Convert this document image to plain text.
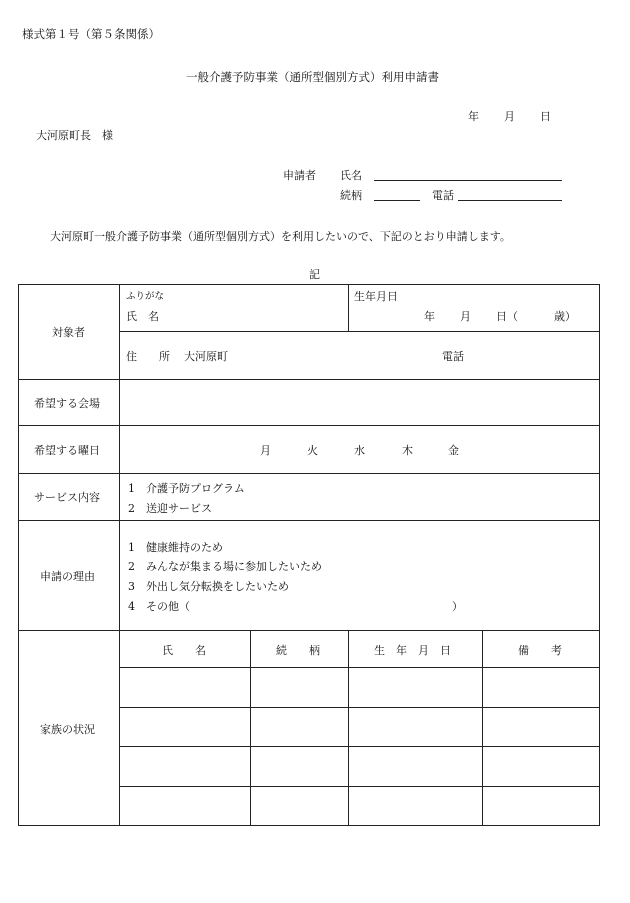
様式第１号（第５条関係）
一般介護予防事業（通所型個別方式）利用申請書
年 月 日
大河原町長　様
申請者 氏名
続柄	電話
大河原町一般介護予防事業（通所型個別方式）を利用したいので、下記のとおり申請します。
記
対象者
ふりがな
氏　名
生年月日
年 月 日（	歳）
住　　所 大河原町	電話
希望する会場
希望する曜日	月	火	水	木	金
サービス内容
1　介護予防プログラム
2　送迎サービス
申請の理由
1　健康維持のため
2　みんなが集まる場に参加したいため
3　外出し気分転換をしたいため
4　その他（	）
家族の状況
氏　　名	続　　柄	生　年　月　日	備　　考
